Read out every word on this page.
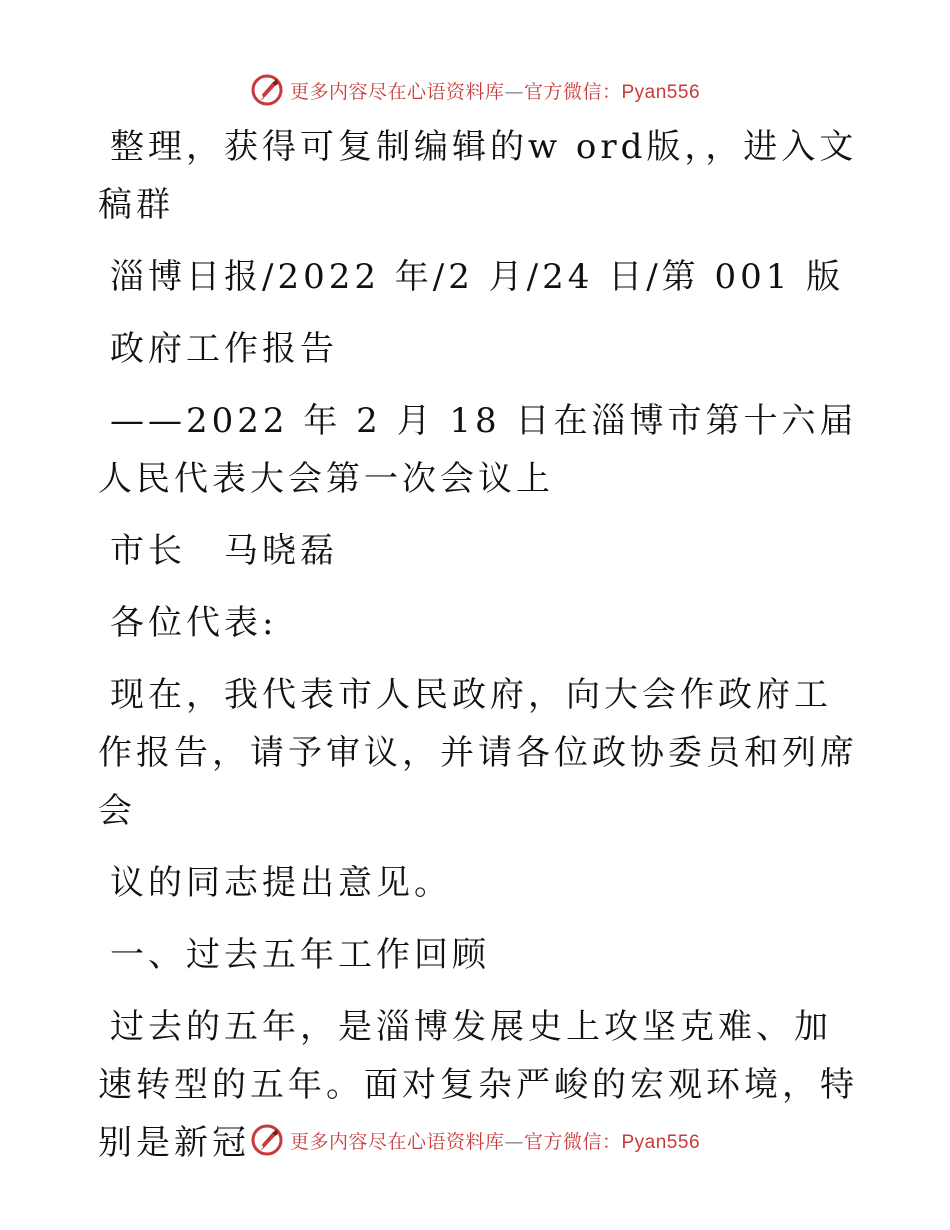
更多内容尽在心语资料库—官方微信：Pyan556

整理，获得可复制编辑的w ord版，，进入文稿群

淄博日报/2022 年/2 月/24 日/第 001 版

政府工作报告

——2022 年 2 月 18 日在淄博市第十六届人民代表大会第一次会议上

市长　马晓磊

各位代表:

现在，我代表市人民政府，向大会作政府工作报告，请予审议，并请各位政协委员和列席会

议的同志提出意见。

一、过去五年工作回顾

过去的五年，是淄博发展史上攻坚克难、加速转型的五年。面对复杂严峻的宏观环境，特别是新冠	更多内容尽在心语资料库—官方微信：Pyan556
